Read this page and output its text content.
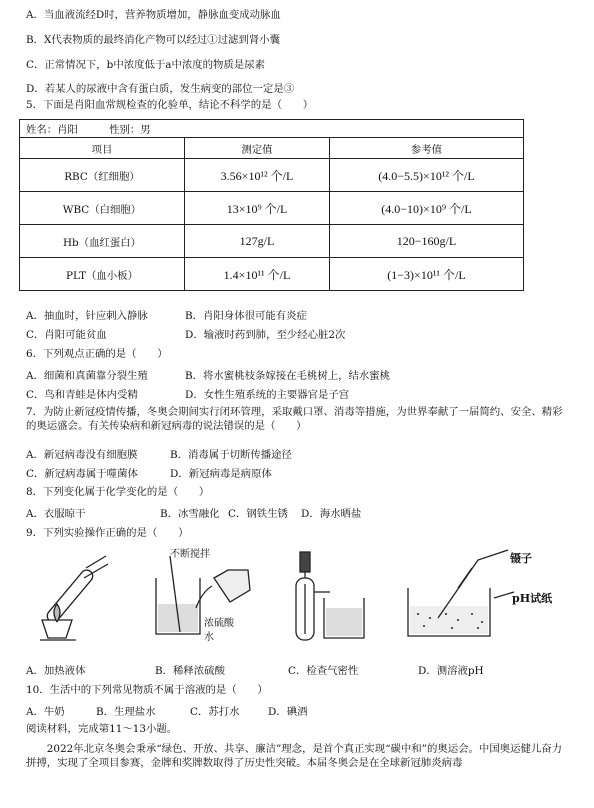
A．当血液流经D时，营养物质增加，静脉血变成动脉血
B．X代表物质的最终消化产物可以经过①过滤到肾小囊
C．正常情况下，b中浓度低于a中浓度的物质是尿素
D．若某人的尿液中含有蛋白质，发生病变的部位一定是③
5．下面是肖阳血常规检查的化验单，结论不科学的是（　　）
姓名：肖阳　　　性别：男		
项目	测定值	参考值
RBC（红细胞）	3.56×10¹² 个/L	(4.0−5.5)×10¹² 个/L
WBC（白细胞）	13×10⁹ 个/L	(4.0−10)×10⁹ 个/L
Hb（血红蛋白）	127g/L	120−160g/L
PLT（血小板）	1.4×10¹¹ 个/L	(1−3)×10¹¹ 个/L
A．抽血时，针应刺入静脉	B．肖阳身体很可能有炎症
C．肖阳可能贫血	D．输液时药到肺，至少经心脏2次
6．下列观点正确的是（　　）
A．细菌和真菌靠分裂生殖	B．将水蜜桃枝条嫁接在毛桃树上，结水蜜桃
C．鸟和青蛙是体内受精	D．女性生殖系统的主要器官是子宫
7．为防止新冠疫情传播，冬奥会期间实行闭环管理，采取戴口罩、消毒等措施，为世界奉献了一届简约、安全、精彩的奥运盛会。有关传染病和新冠病毒的说法错误的是（　　）
A．新冠病毒没有细胞膜	B．消毒属于切断传播途径
C．新冠病毒属于噬菌体	D．新冠病毒是病原体
8．下列变化属于化学变化的是（　　）
A．衣服晾干	B．冰雪融化 C．钢铁生锈 D．海水晒盐
9．下列实验操作正确的是（　　）
不断搅拌
浓硫酸
水
镊子
pH试纸
A．加热液体	B．稀释浓硫酸	C．检查气密性	D．测溶液pH
10．生活中的下列常见物质不属于溶液的是（　　）
A．牛奶	B．生理盐水	C．苏打水	D．碘酒
阅读材料，完成第11～13小题。
2022年北京冬奥会秉承“绿色、开放、共享、廉洁”理念，是首个真正实现“碳中和”的奥运会。中国奥运健儿奋力拼搏，实现了全项目参赛，金牌和奖牌数取得了历史性突破。本届冬奥会是在全球新冠肺炎病毒
